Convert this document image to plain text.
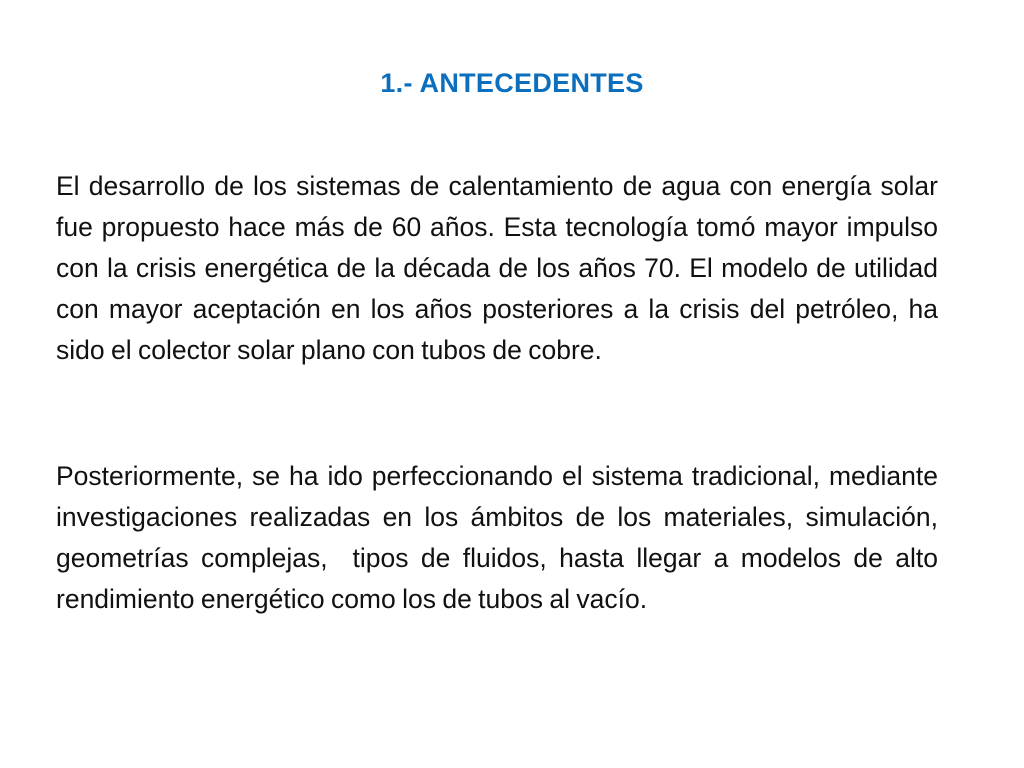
1.- ANTECEDENTES

El desarrollo de los sistemas de calentamiento de agua con energía solar fue propuesto hace más de 60 años. Esta tecnología tomó mayor impulso  con la crisis energética de la década de los años 70. El modelo de utilidad  con mayor aceptación en los años posteriores a la crisis del petróleo, ha sido el colector solar plano con tubos de cobre.

Posteriormente, se ha ido perfeccionando el sistema tradicional, mediante investigaciones realizadas en los ámbitos de los materiales, simulación, geometrías complejas,  tipos de fluidos, hasta llegar a modelos de alto rendimiento energético como los de tubos al vacío.
